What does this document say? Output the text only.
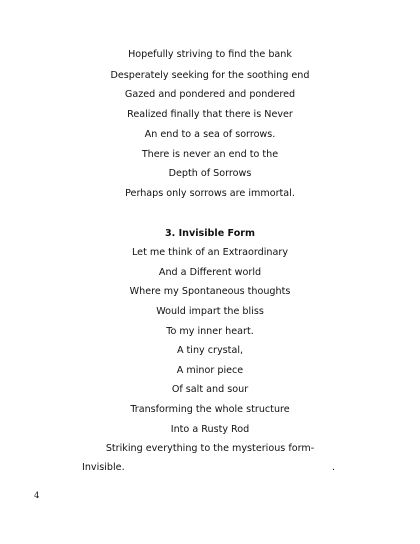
Hopefully striving to find the bank
Desperately seeking for the soothing end
Gazed and pondered and pondered
Realized finally that there is Never
An end to a sea of sorrows.
There is never an end to the
Depth of Sorrows
Perhaps only sorrows are immortal.
3. Invisible Form
Let me think of an Extraordinary
And a Different world
Where my Spontaneous thoughts
Would impart the bliss
To my inner heart.
A tiny crystal,
A minor piece
Of salt and sour
Transforming the whole structure
Into a Rusty Rod
Striking everything to the mysterious form-
Invisible.	.
4
